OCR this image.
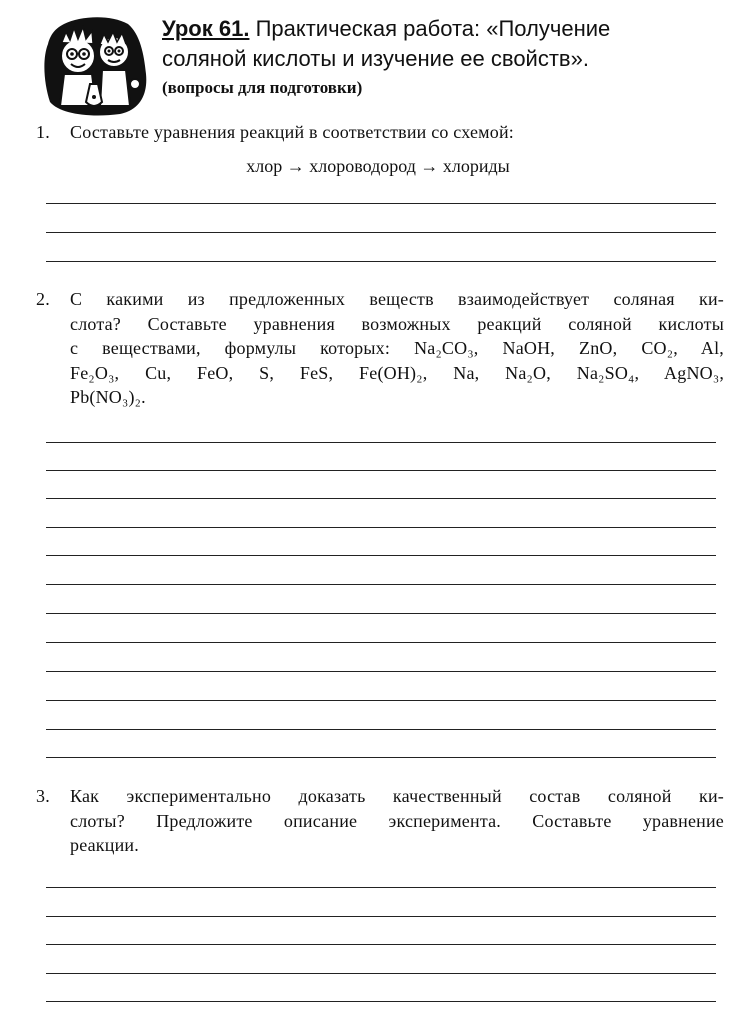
Урок 61. Практическая работа: «Получение
соляной кислоты и изучение ее свойств».
(вопросы для подготовки)
1. Составьте уравнения реакций в соответствии со схемой:
хлор → хлороводород → хлориды
2. С какими из предложенных веществ взаимодействует соляная ки-
слота? Составьте уравнения возможных реакций соляной кислоты
с веществами, формулы которых: Na₂CO₃, NaOH, ZnO, CO₂, Al,
Fe₂O₃, Cu, FeO, S, FeS, Fe(OH)₂, Na, Na₂O, Na₂SO₄, AgNO₃,
Pb(NO₃)₂.
3. Как экспериментально доказать качественный состав соляной ки-
слоты? Предложите описание эксперимента. Составьте уравнение
реакции.
